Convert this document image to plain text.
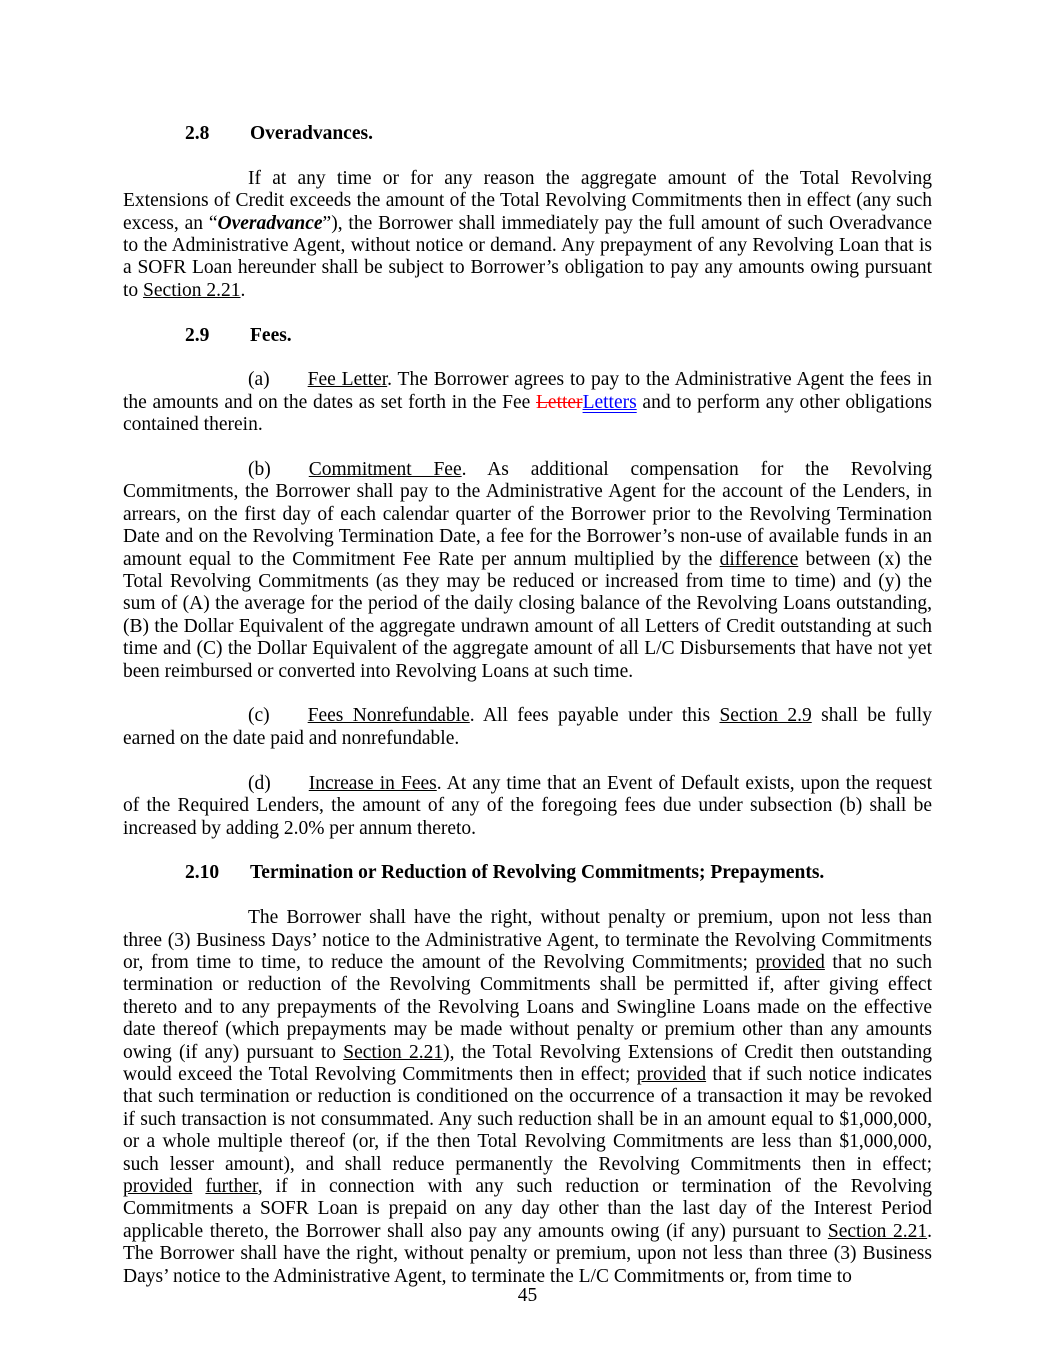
2.8 Overadvances.

If at any time or for any reason the aggregate amount of the Total Revolving Extensions of Credit exceeds the amount of the Total Revolving Commitments then in effect (any such excess, an “Overadvance”), the Borrower shall immediately pay the full amount of such Overadvance to the Administrative Agent, without notice or demand. Any prepayment of any Revolving Loan that is a SOFR Loan hereunder shall be subject to Borrower’s obligation to pay any amounts owing pursuant to Section 2.21.

2.9 Fees.

(a) Fee Letter. The Borrower agrees to pay to the Administrative Agent the fees in the amounts and on the dates as set forth in the Fee LetterLetters and to perform any other obligations contained therein.

(b) Commitment Fee. As additional compensation for the Revolving Commitments, the Borrower shall pay to the Administrative Agent for the account of the Lenders, in arrears, on the first day of each calendar quarter of the Borrower prior to the Revolving Termination Date and on the Revolving Termination Date, a fee for the Borrower’s non-use of available funds in an amount equal to the Commitment Fee Rate per annum multiplied by the difference between (x) the Total Revolving Commitments (as they may be reduced or increased from time to time) and (y) the sum of (A) the average for the period of the daily closing balance of the Revolving Loans outstanding, (B) the Dollar Equivalent of the aggregate undrawn amount of all Letters of Credit outstanding at such time and (C) the Dollar Equivalent of the aggregate amount of all L/C Disbursements that have not yet been reimbursed or converted into Revolving Loans at such time.

(c) Fees Nonrefundable. All fees payable under this Section 2.9 shall be fully earned on the date paid and nonrefundable.

(d) Increase in Fees. At any time that an Event of Default exists, upon the request of the Required Lenders, the amount of any of the foregoing fees due under subsection (b) shall be increased by adding 2.0% per annum thereto.

2.10 Termination or Reduction of Revolving Commitments; Prepayments.

The Borrower shall have the right, without penalty or premium, upon not less than three (3) Business Days’ notice to the Administrative Agent, to terminate the Revolving Commitments or, from time to time, to reduce the amount of the Revolving Commitments; provided that no such termination or reduction of the Revolving Commitments shall be permitted if, after giving effect thereto and to any prepayments of the Revolving Loans and Swingline Loans made on the effective date thereof (which prepayments may be made without penalty or premium other than any amounts owing (if any) pursuant to Section 2.21), the Total Revolving Extensions of Credit then outstanding would exceed the Total Revolving Commitments then in effect; provided that if such notice indicates that such termination or reduction is conditioned on the occurrence of a transaction it may be revoked if such transaction is not consummated. Any such reduction shall be in an amount equal to $1,000,000, or a whole multiple thereof (or, if the then Total Revolving Commitments are less than $1,000,000, such lesser amount), and shall reduce permanently the Revolving Commitments then in effect; provided further, if in connection with any such reduction or termination of the Revolving Commitments a SOFR Loan is prepaid on any day other than the last day of the Interest Period applicable thereto, the Borrower shall also pay any amounts owing (if any) pursuant to Section 2.21. The Borrower shall have the right, without penalty or premium, upon not less than three (3) Business Days’ notice to the Administrative Agent, to terminate the L/C Commitments or, from time to

45
